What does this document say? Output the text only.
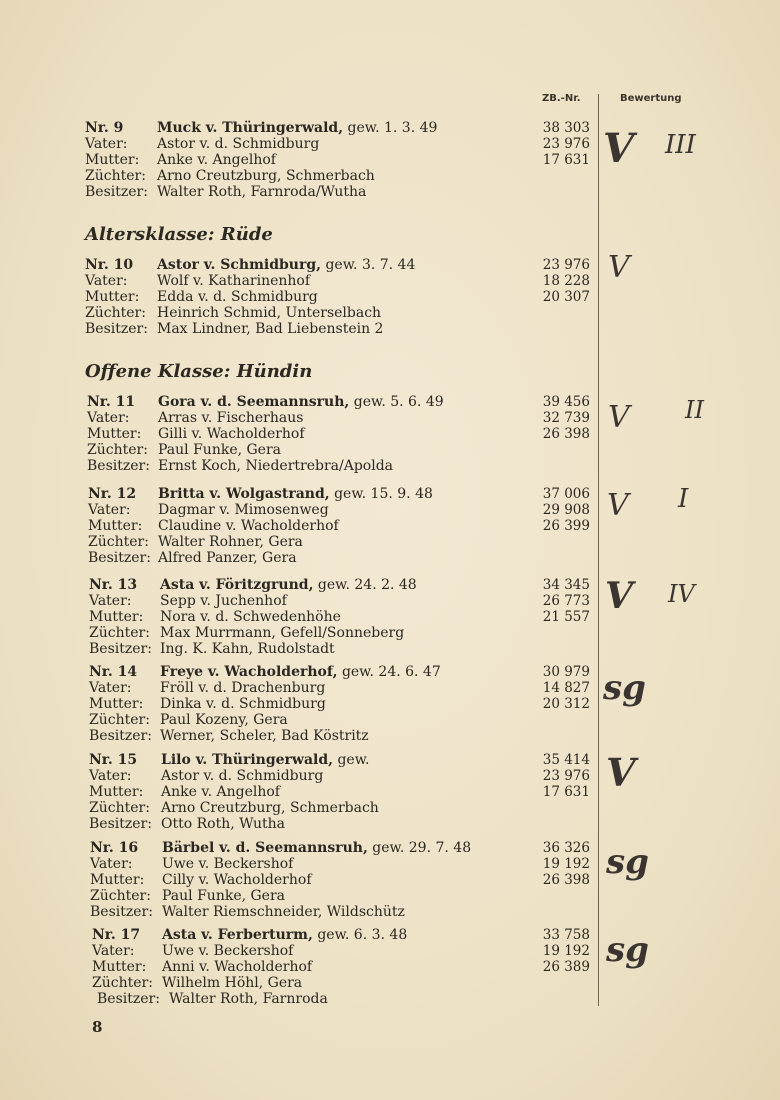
ZB.-Nr.	Bewertung
Nr. 9 Muck v. Thüringerwald, gew. 1. 3. 49
Vater: Astor v. d. Schmidburg
Mutter: Anke v. Angelhof
Züchter: Arno Creutzburg, Schmerbach
Besitzer: Walter Roth, Farnroda/Wutha
38 303
23 976
17 631 V III
Altersklasse: Rüde
Nr. 10 Astor v. Schmidburg, gew. 3. 7. 44
Vater: Wolf v. Katharinenhof
Mutter: Edda v. d. Schmidburg
Züchter: Heinrich Schmid, Unterselbach
Besitzer: Max Lindner, Bad Liebenstein 2
23 976
18 228
20 307
V
Offene Klasse: Hündin
Nr. 11 Gora v. d. Seemannsruh, gew. 5. 6. 49
Vater: Arras v. Fischerhaus
Mutter: Gilli v. Wacholderhof
Züchter: Paul Funke, Gera
Besitzer: Ernst Koch, Niedertrebra/Apolda
39 456
32 739
26 398 V II
Nr. 12 Britta v. Wolgastrand, gew. 15. 9. 48
Vater: Dagmar v. Mimosenweg
Mutter: Claudine v. Wacholderhof
Züchter: Walter Rohner, Gera
Besitzer: Alfred Panzer, Gera
37 006
29 908
26 399
V I
Nr. 13 Asta v. Föritzgrund, gew. 24. 2. 48
Vater: Sepp v. Juchenhof
Mutter: Nora v. d. Schwedenhöhe
Züchter: Max Murrmann, Gefell/Sonneberg
Besitzer: Ing. K. Kahn, Rudolstadt
34 345
26 773
21 557 V IV
Nr. 14 Freye v. Wacholderhof, gew. 24. 6. 47
Vater: Fröll v. d. Drachenburg
Mutter: Dinka v. d. Schmidburg
Züchter: Paul Kozeny, Gera
Besitzer: Werner, Scheler, Bad Köstritz
30 979
14 827
20 312 sg
Nr. 15 Lilo v. Thüringerwald, gew.
Vater: Astor v. d. Schmidburg
Mutter: Anke v. Angelhof
Züchter: Arno Creutzburg, Schmerbach
Besitzer: Otto Roth, Wutha
35 414
23 976
17 631 V
Nr. 16 Bärbel v. d. Seemannsruh, gew. 29. 7. 48
Vater: Uwe v. Beckershof
Mutter: Cilly v. Wacholderhof
Züchter: Paul Funke, Gera
Besitzer: Walter Riemschneider, Wildschütz
36 326
19 192
26 398 sg
Nr. 17 Asta v. Ferberturm, gew. 6. 3. 48
Vater: Uwe v. Beckershof
Mutter: Anni v. Wacholderhof
Züchter: Wilhelm Höhl, Gera
Besitzer: Walter Roth, Farnroda
33 758
19 192
26 389 sg
8
